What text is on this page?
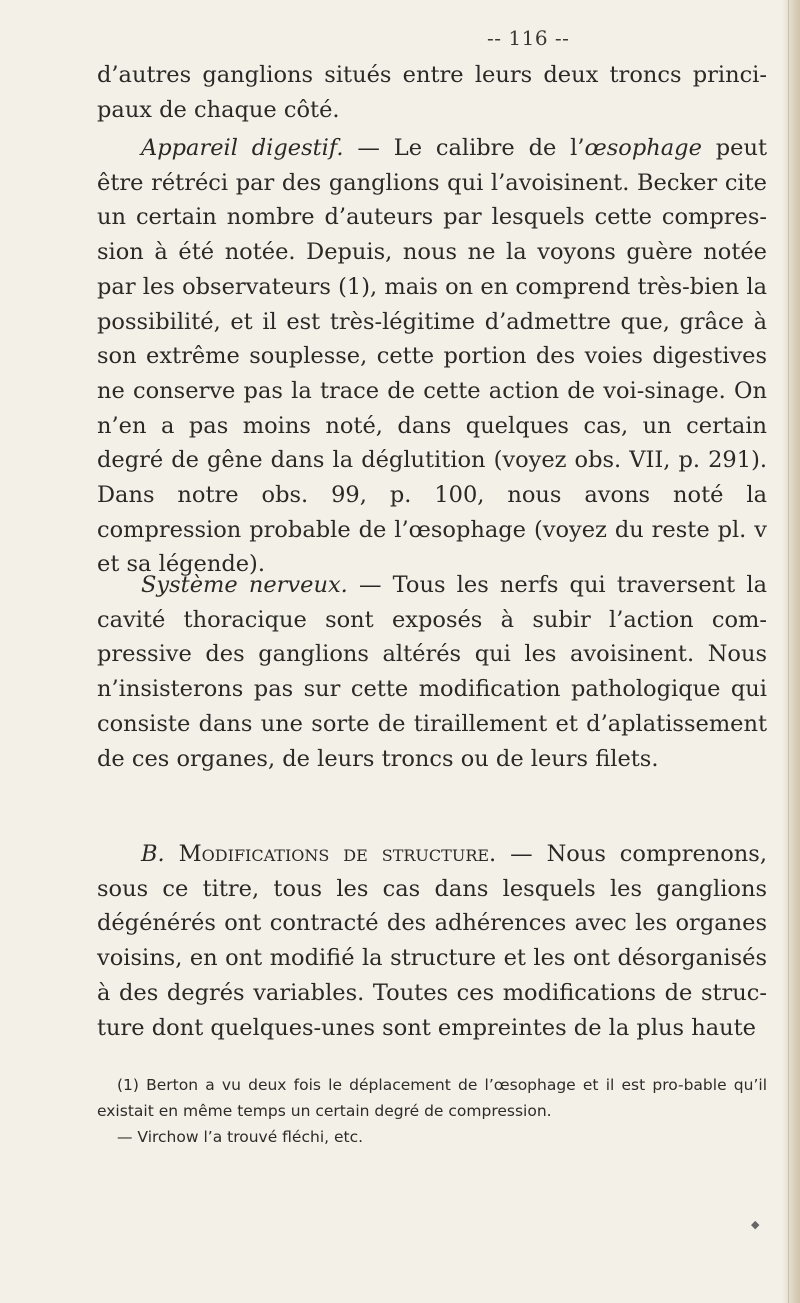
-- 116 --
d’autres ganglions situés entre leurs deux troncs princi-paux de chaque côté.
Appareil digestif. — Le calibre de l’œsophage peut être rétréci par des ganglions qui l’avoisinent. Becker cite un certain nombre d’auteurs par lesquels cette compres-sion à été notée. Depuis, nous ne la voyons guère notée par les observateurs (1), mais on en comprend très-bien la possibilité, et il est très-légitime d’admettre que, grâce à son extrême souplesse, cette portion des voies digestives ne conserve pas la trace de cette action de voi-sinage. On n’en a pas moins noté, dans quelques cas, un certain degré de gêne dans la déglutition (voyez obs. VII, p. 291). Dans notre obs. 99, p. 100, nous avons noté la compression probable de l’œsophage (voyez du reste pl. v et sa légende).
Système nerveux. — Tous les nerfs qui traversent la cavité thoracique sont exposés à subir l’action com-pressive des ganglions altérés qui les avoisinent. Nous n’insisterons pas sur cette modification pathologique qui consiste dans une sorte de tiraillement et d’aplatissement de ces organes, de leurs troncs ou de leurs filets.
B. Modifications de structure. — Nous comprenons, sous ce titre, tous les cas dans lesquels les ganglions dégénérés ont contracté des adhérences avec les organes voisins, en ont modifié la structure et les ont désorganisés à des degrés variables. Toutes ces modifications de struc-ture dont quelques-unes sont empreintes de la plus haute
(1) Berton a vu deux fois le déplacement de l’œsophage et il est pro-bable qu’il existait en même temps un certain degré de compression.
— Virchow l’a trouvé fléchi, etc.
◆
